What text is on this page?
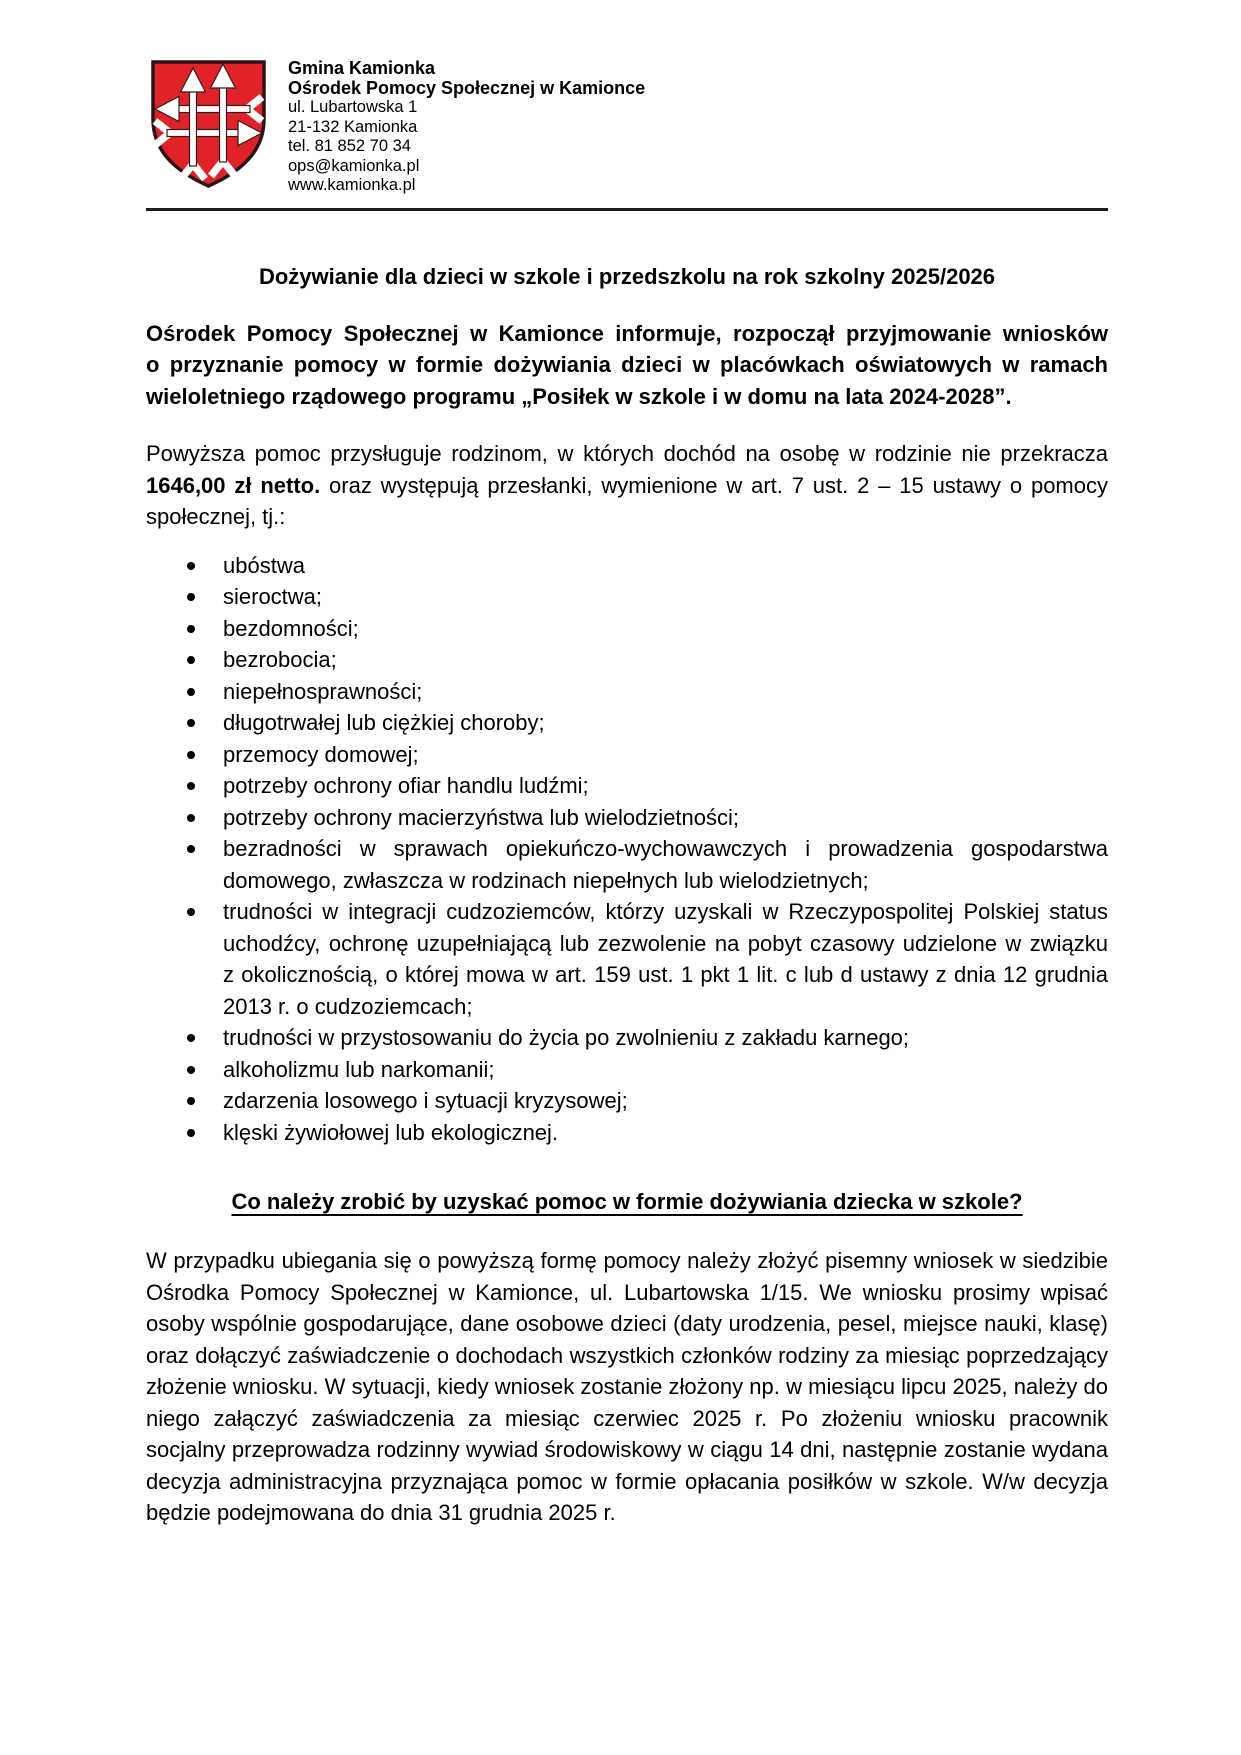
Gmina Kamionka
Ośrodek Pomocy Społecznej w Kamionce
ul. Lubartowska 1
21-132 Kamionka
tel. 81 852 70 34
ops@kamionka.pl
www.kamionka.pl
Dożywianie dla dzieci w szkole i przedszkolu na rok szkolny 2025/2026

Ośrodek Pomocy Społecznej w Kamionce informuje, rozpoczął przyjmowanie wniosków o przyznanie pomocy w formie dożywiania dzieci w placówkach oświatowych w ramach wieloletniego rządowego programu „Posiłek w szkole i w domu na lata 2024-2028”.

Powyższa pomoc przysługuje rodzinom, w których dochód na osobę w rodzinie nie przekracza 1646,00 zł netto. oraz występują przesłanki, wymienione w art. 7 ust. 2 – 15 ustawy o pomocy społecznej, tj.:

ubóstwa
sieroctwa;
bezdomności;
bezrobocia;
niepełnosprawności;
długotrwałej lub ciężkiej choroby;
przemocy domowej;
potrzeby ochrony ofiar handlu ludźmi;
potrzeby ochrony macierzyństwa lub wielodzietności;
bezradności w sprawach opiekuńczo-wychowawczych i prowadzenia gospodarstwa domowego, zwłaszcza w rodzinach niepełnych lub wielodzietnych;
trudności w integracji cudzoziemców, którzy uzyskali w Rzeczypospolitej Polskiej status uchodźcy, ochronę uzupełniającą lub zezwolenie na pobyt czasowy udzielone w związku z okolicznością, o której mowa w art. 159 ust. 1 pkt 1 lit. c lub d ustawy z dnia 12 grudnia 2013 r. o cudzoziemcach;
trudności w przystosowaniu do życia po zwolnieniu z zakładu karnego;
alkoholizmu lub narkomanii;
zdarzenia losowego i sytuacji kryzysowej;
klęski żywiołowej lub ekologicznej.
Co należy zrobić by uzyskać pomoc w formie dożywiania dziecka w szkole?

W przypadku ubiegania się o powyższą formę pomocy należy złożyć pisemny wniosek w siedzibie Ośrodka Pomocy Społecznej w Kamionce, ul. Lubartowska 1/15. We wniosku prosimy wpisać osoby wspólnie gospodarujące, dane osobowe dzieci (daty urodzenia, pesel, miejsce nauki, klasę) oraz dołączyć zaświadczenie o dochodach wszystkich członków rodziny za miesiąc poprzedzający złożenie wniosku. W sytuacji, kiedy wniosek zostanie złożony np. w miesiącu lipcu 2025, należy do niego załączyć zaświadczenia za miesiąc czerwiec 2025 r. Po złożeniu wniosku pracownik socjalny przeprowadza rodzinny wywiad środowiskowy w ciągu 14 dni, następnie zostanie wydana decyzja administracyjna przyznająca pomoc w formie opłacania posiłków w szkole. W/w decyzja będzie podejmowana do dnia 31 grudnia 2025 r.
